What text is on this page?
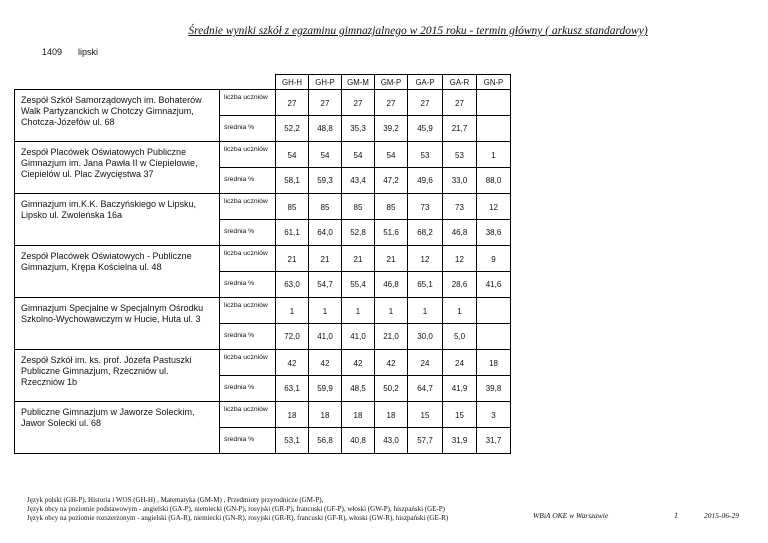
Średnie wyniki szkół z egzaminu gimnazjalnego w 2015 roku - termin główny ( arkusz standardowy)
1409 lipski
		GH-H	GH-P	GM-M	GM-P	GA-P	GA-R	GN-P
Zespół Szkół Samorządowych im. Bohaterów Walk Partyzanckich w Chotczy Gimnazjum, Chotcza-Józefów ul. 68	liczba uczniów	27	27	27	27	27	27	
	średnia %	52,2	48,8	35,3	39,2	45,9	21,7	
Zespół Placówek Oświatowych Publiczne Gimnazjum im. Jana Pawła II w Ciepielowie, Ciepielów ul. Plac Zwycięstwa 37	liczba uczniów	54	54	54	54	53	53	1
	średnia %	58,1	59,3	43,4	47,2	49,6	33,0	88,0
Gimnazjum im.K.K. Baczyńskiego w Lipsku, Lipsko ul. Zwoleńska 16a	liczba uczniów	85	85	85	85	73	73	12
	średnia %	61,1	64,0	52,8	51,6	68,2	46,8	38,6
Zespół Placówek Oświatowych - Publiczne Gimnazjum, Krępa Kościelna ul. 48	liczba uczniów	21	21	21	21	12	12	9
	średnia %	63,0	54,7	55,4	46,8	65,1	28,6	41,6
Gimnazjum Specjalne w Specjalnym Ośrodku Szkolno-Wychowawczym w Hucie, Huta ul. 3	liczba uczniów	1	1	1	1	1	1	
	średnia %	72,0	41,0	41,0	21,0	30,0	5,0	
Zespół Szkół im. ks. prof. Józefa Pastuszki Publiczne Gimnazjum, Rzeczniów ul. Rzeczniów 1b	liczba uczniów	42	42	42	42	24	24	18
	średnia %	63,1	59,9	48,5	50,2	64,7	41,9	39,8
Publiczne Gimnazjum w Jaworze Soleckim, Jawor Solecki ul. 68	liczba uczniów	18	18	18	18	15	15	3
	średnia %	53,1	56,8	40,8	43,0	57,7	31,9	31,7
Język polski (GH-P), Historia i WOS (GH-H) , Matematyka (GM-M) , Przedmioty przyrodnicze (GM-P),
Język obcy na poziomie podstawowym - angielski (GA-P), niemiecki (GN-P), rosyjski (GR-P), francuski (GF-P), włoski (GW-P), hiszpański (GE-P)
Język obcy na poziomie rozszerzonym - angielski (GA-R), niemiecki (GN-R), rosyjski (GR-R), francuski (GF-R), włoski (GW-R), hiszpański (GE-R)	WBiA OKE w Warszawie	1	2015-06-29
